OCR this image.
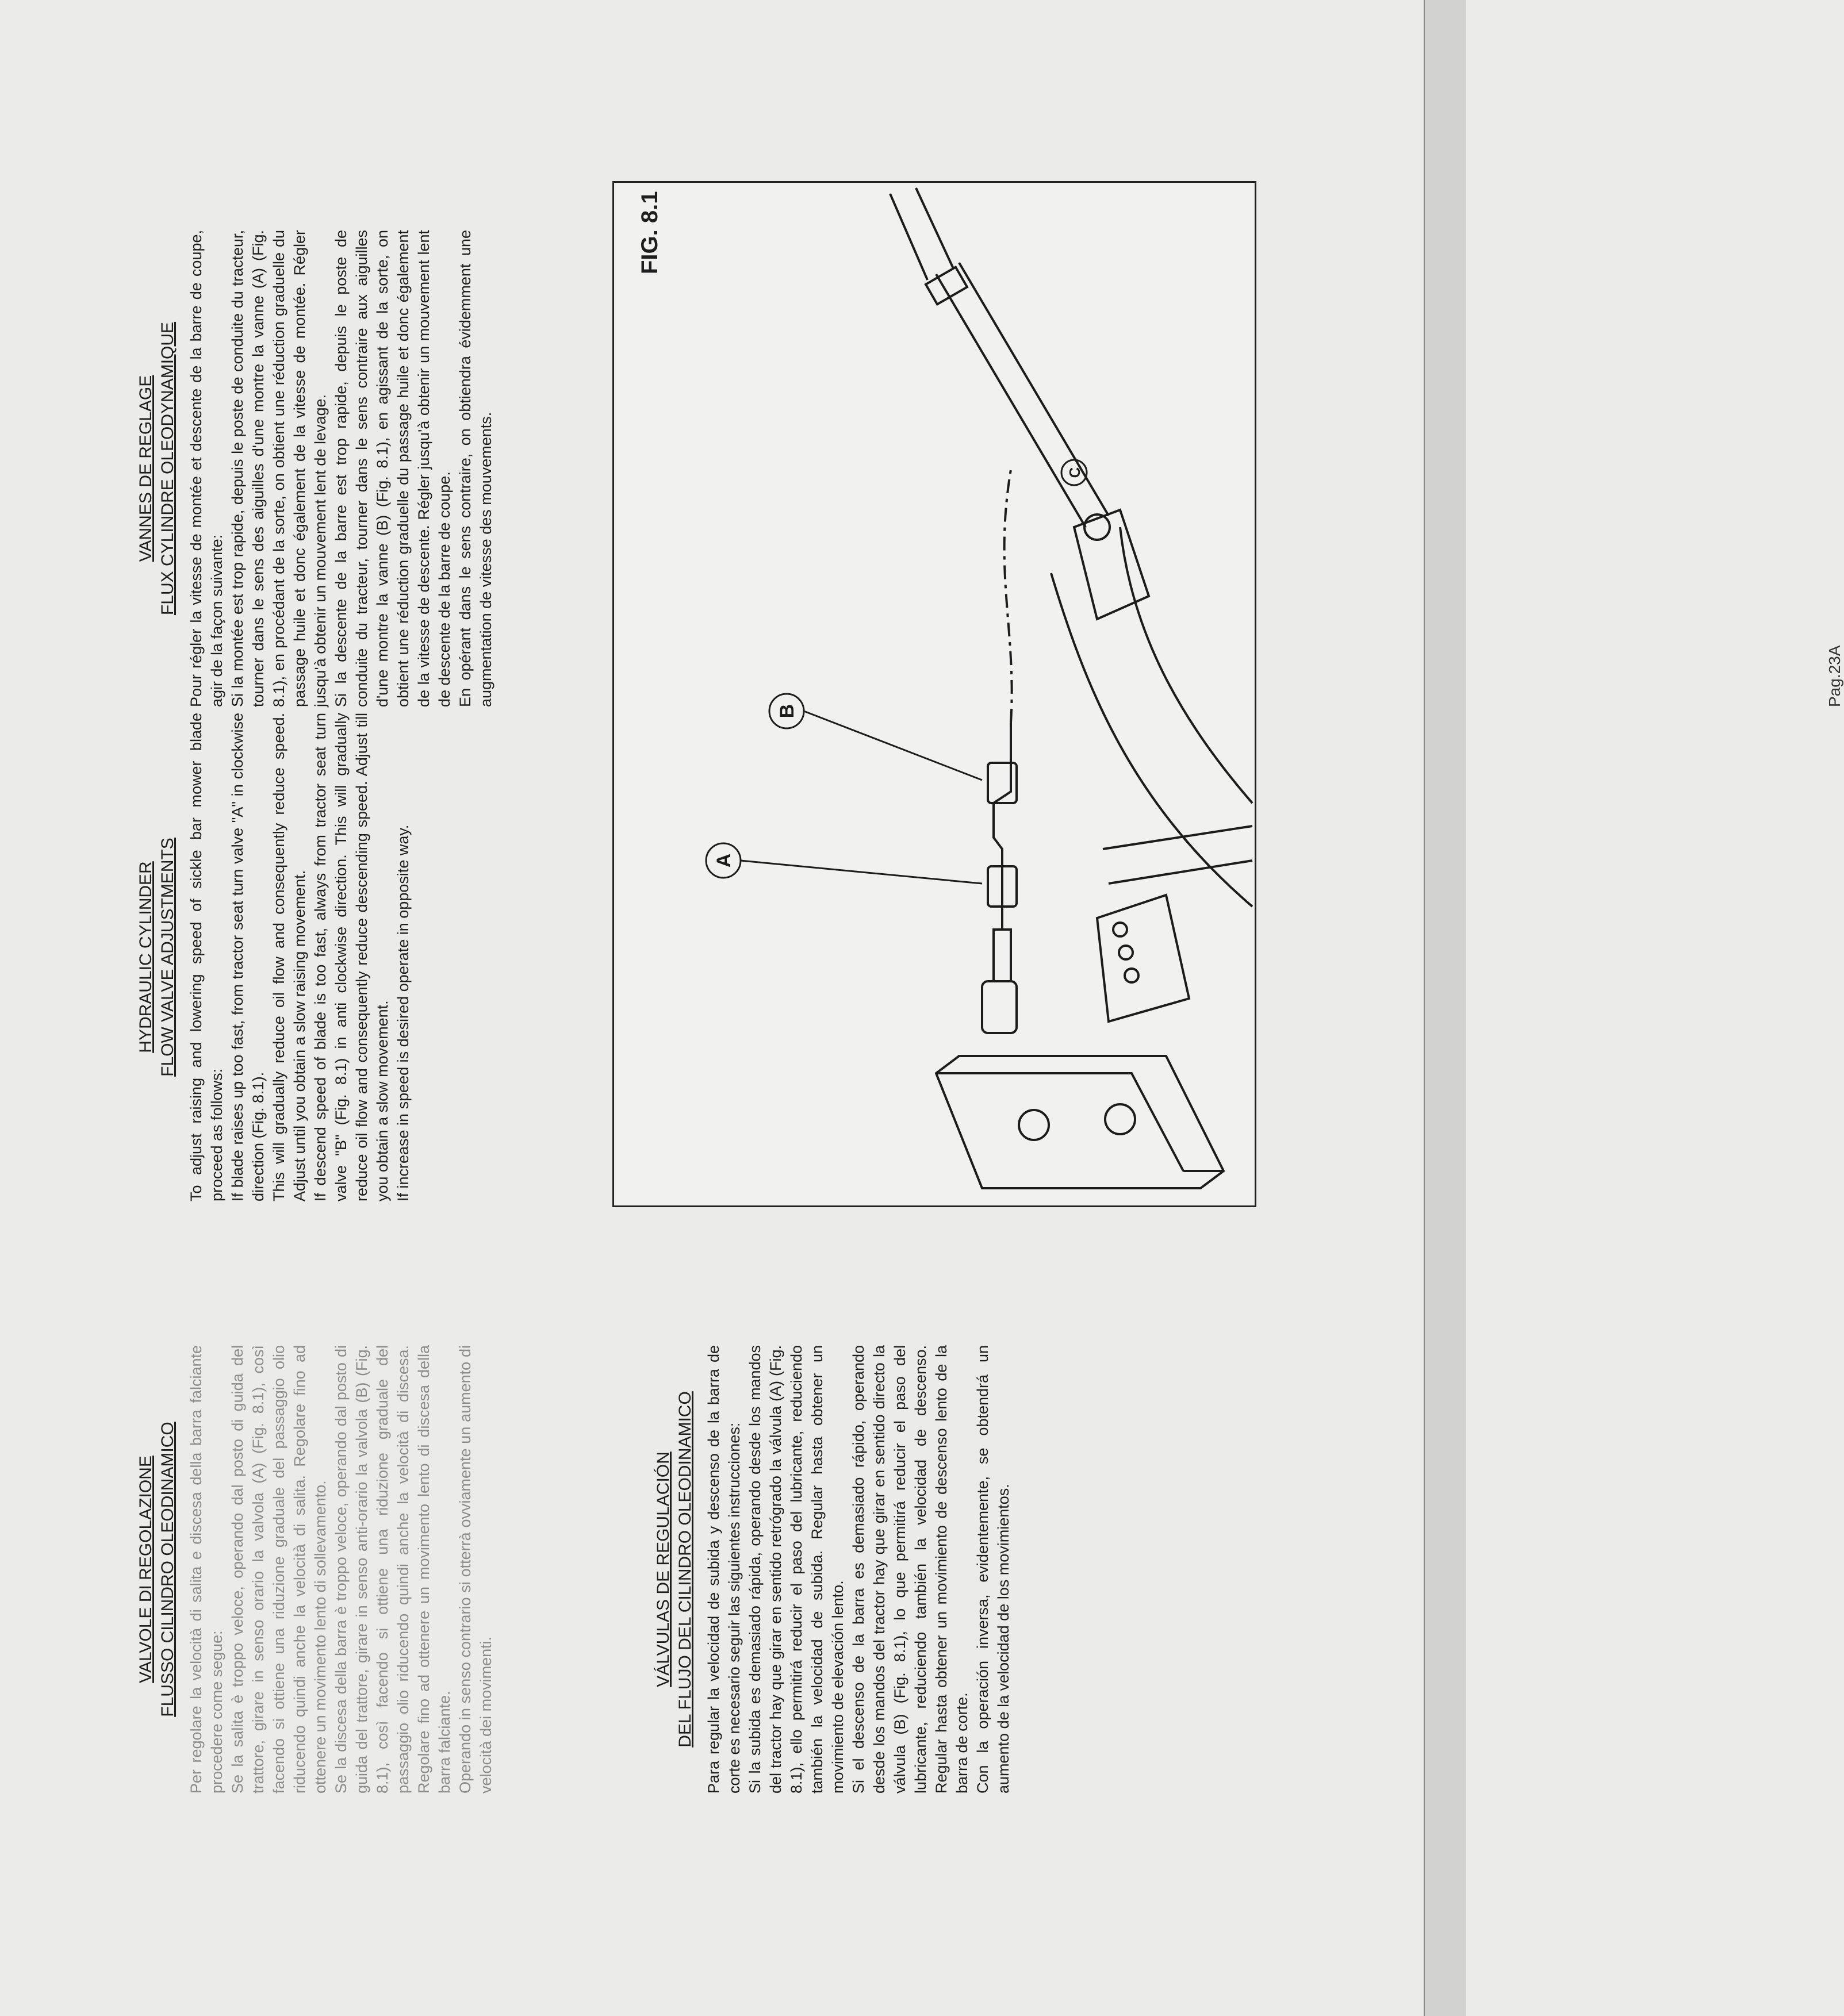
VALVOLE DI REGOLAZIONE FLUSSO CILINDRO OLEODINAMICO Per regolare la velocità di salita e discesa della barra falciante procedere come segue: Se la salita è troppo veloce, operando dal posto di guida del trattore, girare in senso orario la valvola (A) (Fig. 8.1), così facendo si ottiene una riduzione graduale del passaggio olio riducendo quindi anche la velocità di salita. Regolare fino ad ottenere un movimento lento di sollevamento. Se la discesa della barra è troppo veloce, operando dal posto di guida del trattore, girare in senso anti-orario la valvola (B) (Fig. 8.1), così facendo si ottiene una riduzione graduale del passaggio olio riducendo quindi anche la velocità di discesa. Regolare fino ad ottenere un movimento lento di discesa della barra falciante. Operando in senso contrario si otterrà ovviamente un aumento di velocità dei movimenti.

VÁLVULAS DE REGULACIÓN DEL FLUJO DEL CILINDRO OLEODINAMICO Para regular la velocidad de subida y descenso de la barra de corte es necesario seguir las siguientes instrucciones: Si la subida es demasiado rápida, operando desde los mandos del tractor hay que girar en sentido retrógrado la válvula (A) (Fig. 8.1), ello permitirá reducir el paso del lubricante, reduciendo también la velocidad de subida. Regular hasta obtener un movimiento de elevación lento. Si el descenso de la barra es demasiado rápido, operando desde los mandos del tractor hay que girar en sentido directo la válvula (B) (Fig. 8.1), lo que permitirá reducir el paso del lubricante, reduciendo también la velocidad de descenso. Regular hasta obtener un movimiento de descenso lento de la barra de corte. Con la operación inversa, evidentemente, se obtendrá un aumento de la velocidad de los movimientos.

HYDRAULIC CYLINDER FLOW VALVE ADJUSTMENTS To adjust raising and lowering speed of sickle bar mower blade proceed as follows: If blade raises up too fast, from tractor seat turn valve "A" in clockwise direction (Fig. 8.1). This will gradually reduce oil flow and consequently reduce speed. Adjust until you obtain a slow raising movement. If descend speed of blade is too fast, always from tractor seat turn valve "B" (Fig. 8.1) in anti clockwise direction. This will gradually reduce oil flow and consequently reduce descending speed. Adjust till you obtain a slow movement. If increase in speed is desired operate in opposite way.

VANNES DE REGLAGE FLUX CYLINDRE OLEODYNAMIQUE Pour régler la vitesse de montée et descente de la barre de coupe, agir de la façon suivante: Si la montée est trop rapide, depuis le poste de conduite du tracteur, tourner dans le sens des aiguilles d'une montre la vanne (A) (Fig. 8.1), en procédant de la sorte, on obtient une réduction graduelle du passage huile et donc également de la vitesse de montée. Régler jusqu'à obtenir un mouvement lent de levage. Si la descente de la barre est trop rapide, depuis le poste de conduite du tracteur, tourner dans le sens contraire aux aiguilles d'une montre la vanne (B) (Fig. 8.1), en agissant de la sorte, on obtient une réduction graduelle du passage huile et donc également de la vitesse de descente. Régler jusqu'à obtenir un mouvement lent de descente de la barre de coupe. En opérant dans le sens contraire, on obtiendra évidemment une augmentation de vitesse des mouvements.

A
B
C
FIG. 8.1
Pag.23A
